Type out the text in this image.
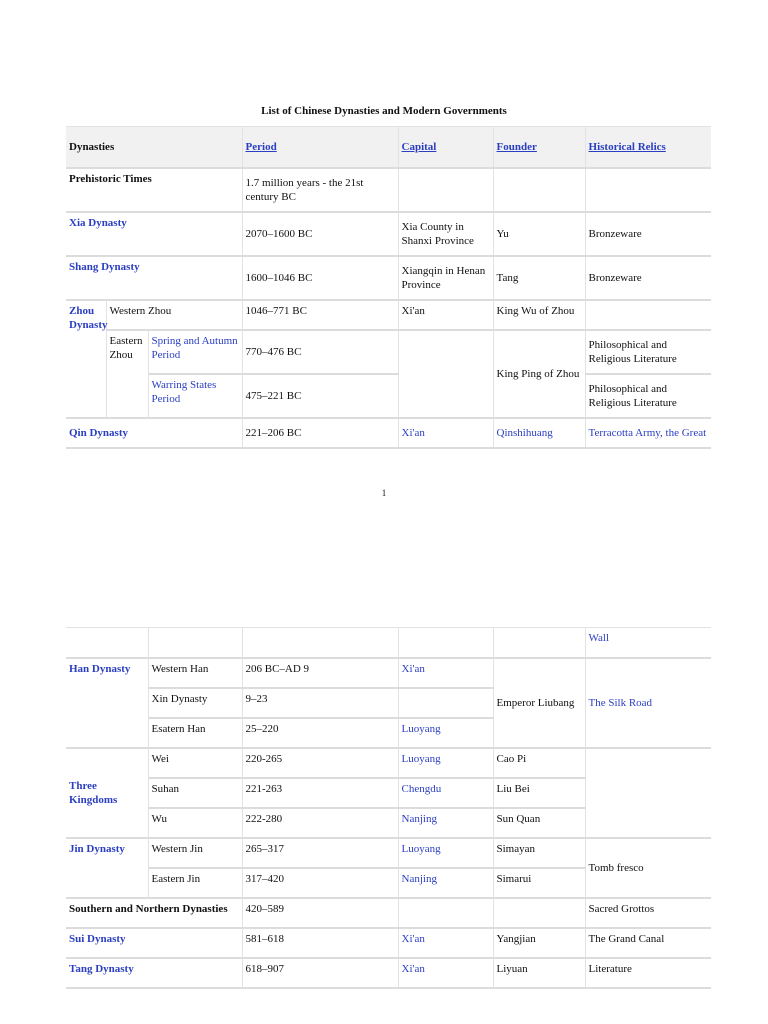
List of Chinese Dynasties and Modern Governments
Dynasties			Period	Capital	Founder	Historical Relics
Prehistoric Times			1.7 million years - the 21st century BC			
Xia Dynasty			2070–1600 BC	Xia County in Shanxi Province	Yu	Bronzeware
Shang Dynasty			1600–1046 BC	Xiangqin in Henan Province	Tang	Bronzeware
Zhou Dynasty	Western Zhou		1046–771 BC	Xi'an	King Wu of Zhou	
	Eastern Zhou	Spring and Autumn Period	770–476 BC		King Ping of Zhou	Philosophical and Religious Literature
		Warring States Period	475–221 BC			Philosophical and Religious Literature
Qin Dynasty			221–206 BC	Xi'an	Qinshihuang	Terracotta Army, the Great
1
					Wall
Han Dynasty	Western Han	206 BC–AD 9	Xi'an	Emperor Liubang	The Silk Road
	Xin Dynasty	9–23			
	Esatern Han	25–220	Luoyang		
Three Kingdoms	Wei	220-265	Luoyang	Cao Pi	
	Suhan	221-263	Chengdu	Liu Bei	
	Wu	222-280	Nanjing	Sun Quan	
Jin Dynasty	Western Jin	265–317	Luoyang	Simayan	Tomb fresco
	Eastern Jin	317–420	Nanjing	Simarui	
Southern and Northern Dynasties		420–589			Sacred Grottos
Sui Dynasty		581–618	Xi'an	Yangjian	The Grand Canal
Tang Dynasty		618–907	Xi'an	Liyuan	Literature
